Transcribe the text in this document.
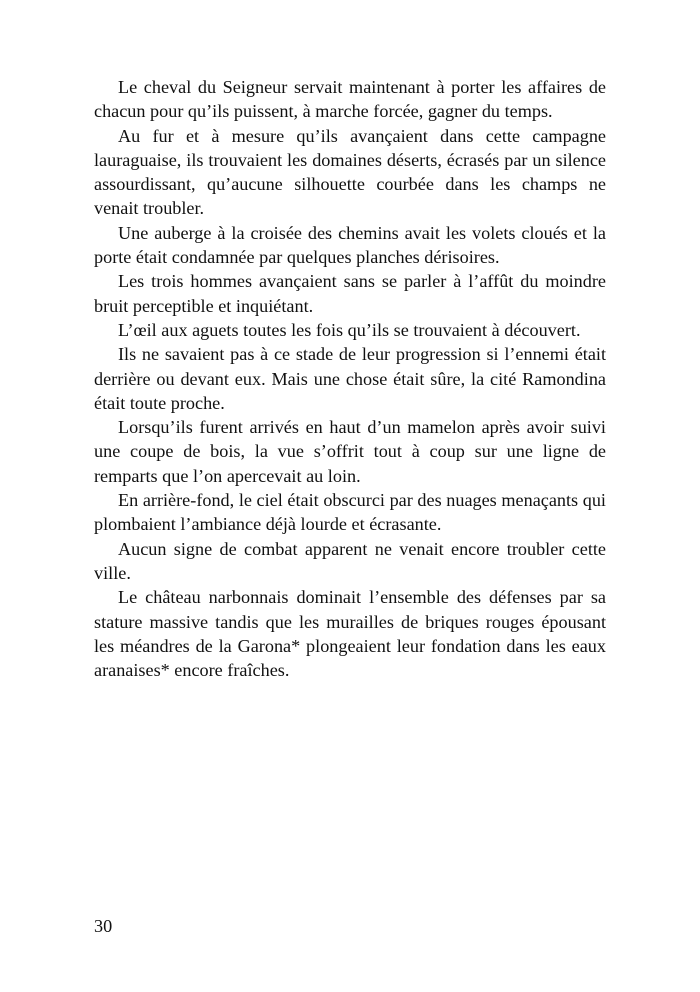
Le cheval du Seigneur servait maintenant à porter les affaires de chacun pour qu’ils puissent, à marche forcée, gagner du temps.

Au fur et à mesure qu’ils avançaient dans cette campagne lauraguaise, ils trouvaient les domaines déserts, écrasés par un silence assourdissant, qu’aucune silhouette courbée dans les champs ne venait troubler.

Une auberge à la croisée des chemins avait les volets cloués et la porte était condamnée par quelques planches dérisoires.

Les trois hommes avançaient sans se parler à l’affût du moindre bruit perceptible et inquiétant.

L’œil aux aguets toutes les fois qu’ils se trouvaient à découvert.

Ils ne savaient pas à ce stade de leur progression si l’ennemi était derrière ou devant eux. Mais une chose était sûre, la cité Ramondina était toute proche.

Lorsqu’ils furent arrivés en haut d’un mamelon après avoir suivi une coupe de bois, la vue s’offrit tout à coup sur une ligne de remparts que l’on apercevait au loin.

En arrière-fond, le ciel était obscurci par des nuages menaçants qui plombaient l’ambiance déjà lourde et écrasante.

Aucun signe de combat apparent ne venait encore troubler cette ville.

Le château narbonnais dominait l’ensemble des défenses par sa stature massive tandis que les murailles de briques rouges épousant les méandres de la Garona* plongeaient leur fondation dans les eaux aranaises* encore fraîches.

30
